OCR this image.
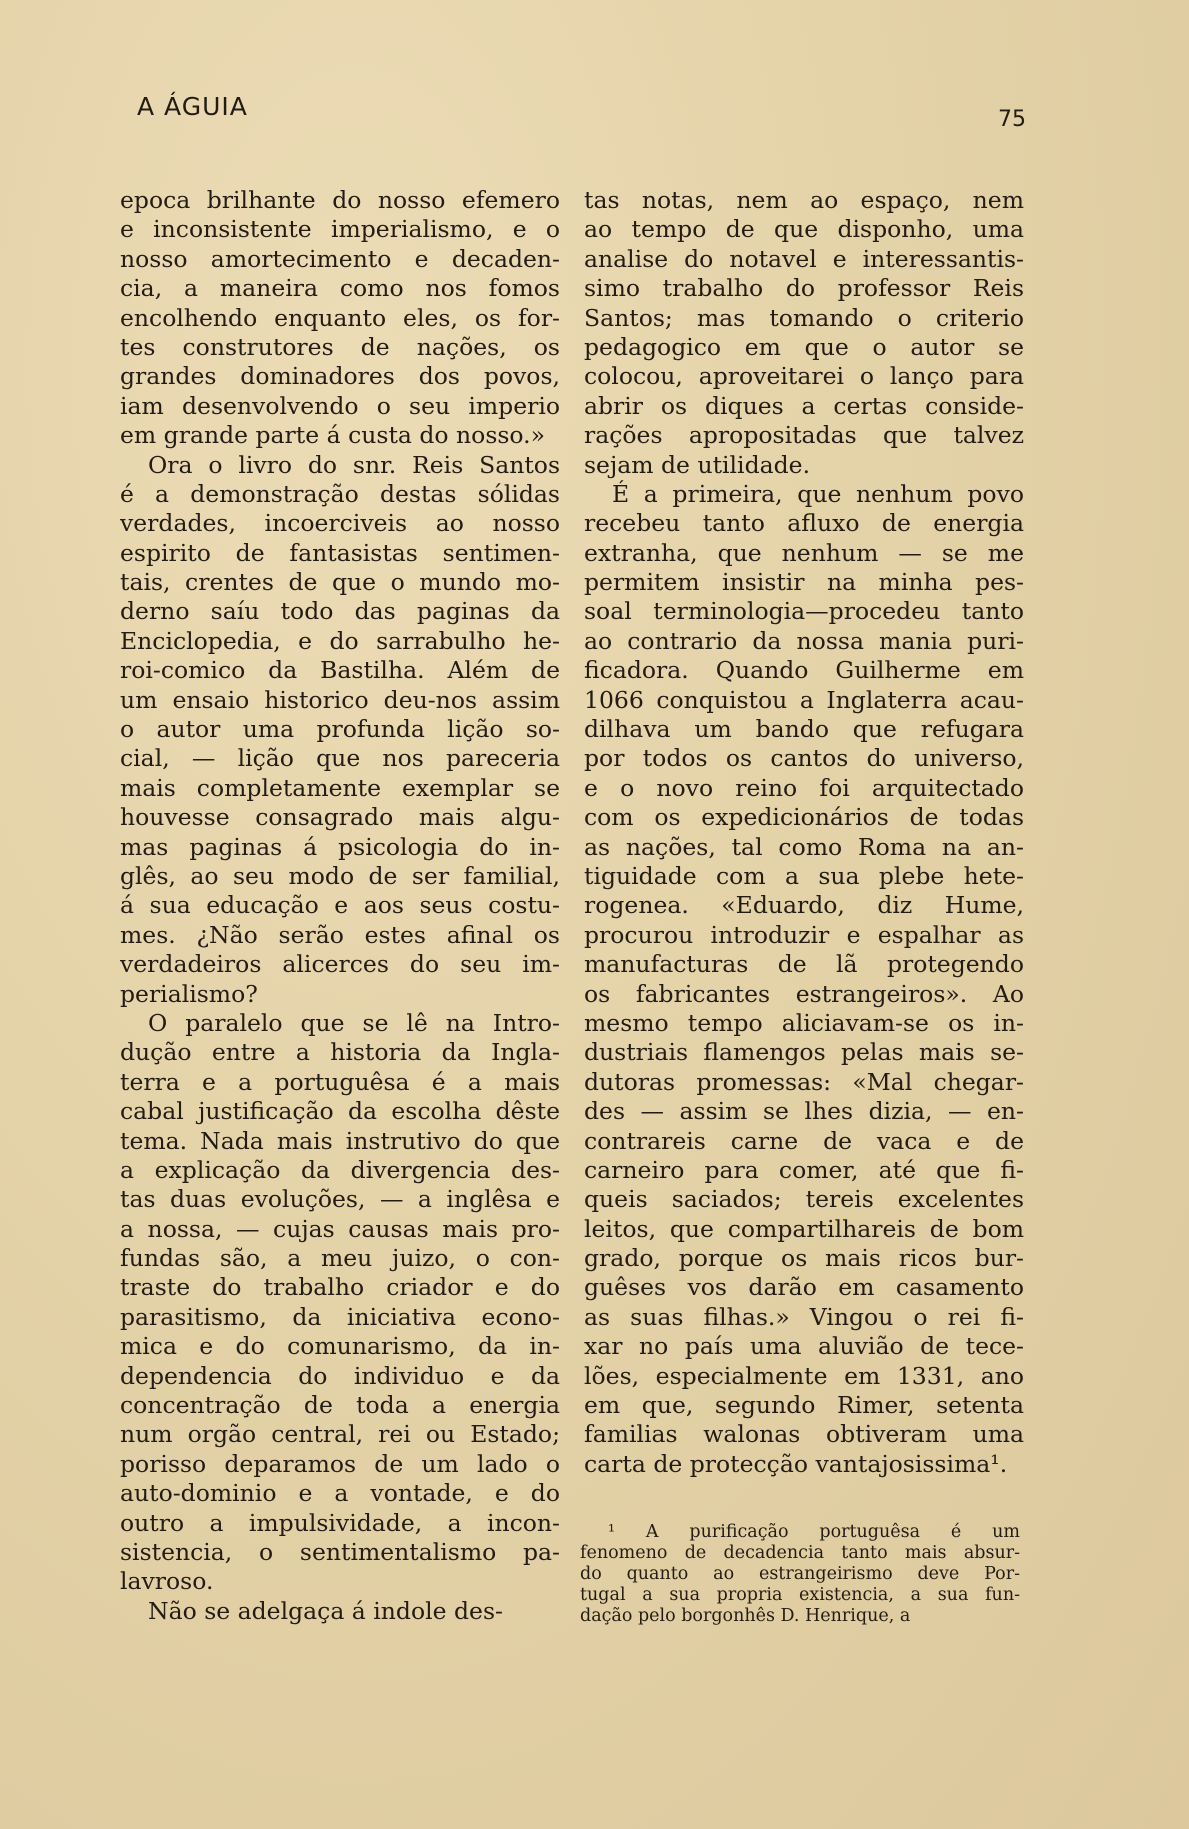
A ÁGUIA	75
epoca brilhante do nosso efemero
e inconsistente imperialismo, e o
nosso amortecimento e decaden-
cia, a maneira como nos fomos
encolhendo enquanto eles, os for-
tes construtores de nações, os
grandes dominadores dos povos,
iam desenvolvendo o seu imperio
em grande parte á custa do nosso.»
Ora o livro do snr. Reis Santos
é a demonstração destas sólidas
verdades, incoerciveis ao nosso
espirito de fantasistas sentimen-
tais, crentes de que o mundo mo-
derno saíu todo das paginas da
Enciclopedia, e do sarrabulho he-
roi-comico da Bastilha. Além de
um ensaio historico deu-nos assim
o autor uma profunda lição so-
cial, — lição que nos pareceria
mais completamente exemplar se
houvesse consagrado mais algu-
mas paginas á psicologia do in-
glês, ao seu modo de ser familial,
á sua educação e aos seus costu-
mes. ¿Não serão estes afinal os
verdadeiros alicerces do seu im-
perialismo?
O paralelo que se lê na Intro-
dução entre a historia da Ingla-
terra e a portuguêsa é a mais
cabal justificação da escolha dêste
tema. Nada mais instrutivo do que
a explicação da divergencia des-
tas duas evoluções, — a inglêsa e
a nossa, — cujas causas mais pro-
fundas são, a meu juizo, o con-
traste do trabalho criador e do
parasitismo, da iniciativa econo-
mica e do comunarismo, da in-
dependencia do individuo e da
concentração de toda a energia
num orgão central, rei ou Estado;
porisso deparamos de um lado o
auto-dominio e a vontade, e do
outro a impulsividade, a incon-
sistencia, o sentimentalismo pa-
lavroso.
Não se adelgaça á indole des-
tas notas, nem ao espaço, nem
ao tempo de que disponho, uma
analise do notavel e interessantis-
simo trabalho do professor Reis
Santos; mas tomando o criterio
pedagogico em que o autor se
colocou, aproveitarei o lanço para
abrir os diques a certas conside-
rações apropositadas que talvez
sejam de utilidade.
É a primeira, que nenhum povo
recebeu tanto afluxo de energia
extranha, que nenhum — se me
permitem insistir na minha pes-
soal terminologia—procedeu tanto
ao contrario da nossa mania puri-
ficadora. Quando Guilherme em
1066 conquistou a Inglaterra acau-
dilhava um bando que refugara
por todos os cantos do universo,
e o novo reino foi arquitectado
com os expedicionários de todas
as nações, tal como Roma na an-
tiguidade com a sua plebe hete-
rogenea. «Eduardo, diz Hume,
procurou introduzir e espalhar as
manufacturas de lã protegendo
os fabricantes estrangeiros». Ao
mesmo tempo aliciavam-se os in-
dustriais flamengos pelas mais se-
dutoras promessas: «Mal chegar-
des — assim se lhes dizia, — en-
contrareis carne de vaca e de
carneiro para comer, até que fi-
queis saciados; tereis excelentes
leitos, que compartilhareis de bom
grado, porque os mais ricos bur-
guêses vos darão em casamento
as suas filhas.» Vingou o rei fi-
xar no país uma aluvião de tece-
lões, especialmente em 1331, ano
em que, segundo Rimer, setenta
familias walonas obtiveram uma
carta de protecção vantajosissima¹.
¹ A purificação portuguêsa é um
fenomeno de decadencia tanto mais absur-
do quanto ao estrangeirismo deve Por-
tugal a sua propria existencia, a sua fun-
dação pelo borgonhês D. Henrique, a
